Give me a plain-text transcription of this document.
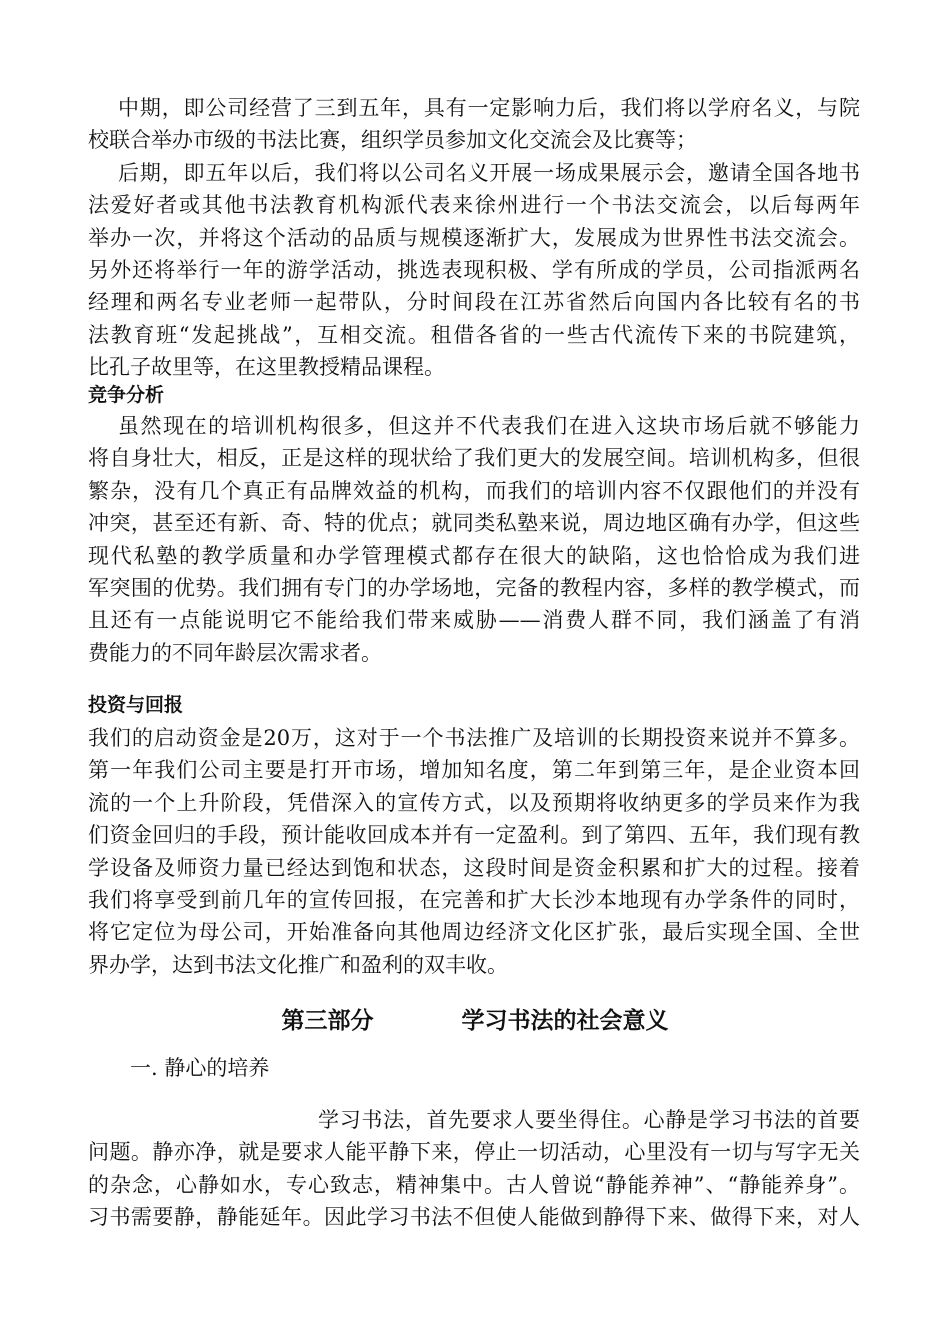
中期，即公司经营了三到五年，具有一定影响力后，我们将以学府名义，与院
校联合举办市级的书法比赛，组织学员参加文化交流会及比赛等；
后期，即五年以后，我们将以公司名义开展一场成果展示会，邀请全国各地书
法爱好者或其他书法教育机构派代表来徐州进行一个书法交流会，以后每两年
举办一次，并将这个活动的品质与规模逐渐扩大，发展成为世界性书法交流会。
另外还将举行一年的游学活动，挑选表现积极、学有所成的学员，公司指派两名
经理和两名专业老师一起带队，分时间段在江苏省然后向国内各比较有名的书
法教育班“发起挑战”，互相交流。租借各省的一些古代流传下来的书院建筑，
比孔子故里等，在这里教授精品课程。
竞争分析
虽然现在的培训机构很多，但这并不代表我们在进入这块市场后就不够能力
将自身壮大，相反，正是这样的现状给了我们更大的发展空间。培训机构多，但很
繁杂，没有几个真正有品牌效益的机构，而我们的培训内容不仅跟他们的并没有
冲突，甚至还有新、奇、特的优点；就同类私塾来说，周边地区确有办学，但这些
现代私塾的教学质量和办学管理模式都存在很大的缺陷，这也恰恰成为我们进
军突围的优势。我们拥有专门的办学场地，完备的教程内容，多样的教学模式，而
且还有一点能说明它不能给我们带来威胁——消费人群不同，我们涵盖了有消
费能力的不同年龄层次需求者。
投资与回报
我们的启动资金是20万，这对于一个书法推广及培训的长期投资来说并不算多。
第一年我们公司主要是打开市场，增加知名度，第二年到第三年，是企业资本回
流的一个上升阶段，凭借深入的宣传方式，以及预期将收纳更多的学员来作为我
们资金回归的手段，预计能收回成本并有一定盈利。到了第四、五年，我们现有教
学设备及师资力量已经达到饱和状态，这段时间是资金积累和扩大的过程。接着
我们将享受到前几年的宣传回报，在完善和扩大长沙本地现有办学条件的同时，
将它定位为母公司，开始准备向其他周边经济文化区扩张，最后实现全国、全世
界办学，达到书法文化推广和盈利的双丰收。
一. 静心的培养
学习书法，首先要求人要坐得住。心静是学习书法的首要
问题。静亦净，就是要求人能平静下来，停止一切活动，心里没有一切与写字无关
的杂念，心静如水，专心致志，精神集中。古人曾说“静能养神”、“静能养身”。
习书需要静，静能延年。因此学习书法不但使人能做到静得下来、做得下来，对人
第三部分	学习书法的社会意义
